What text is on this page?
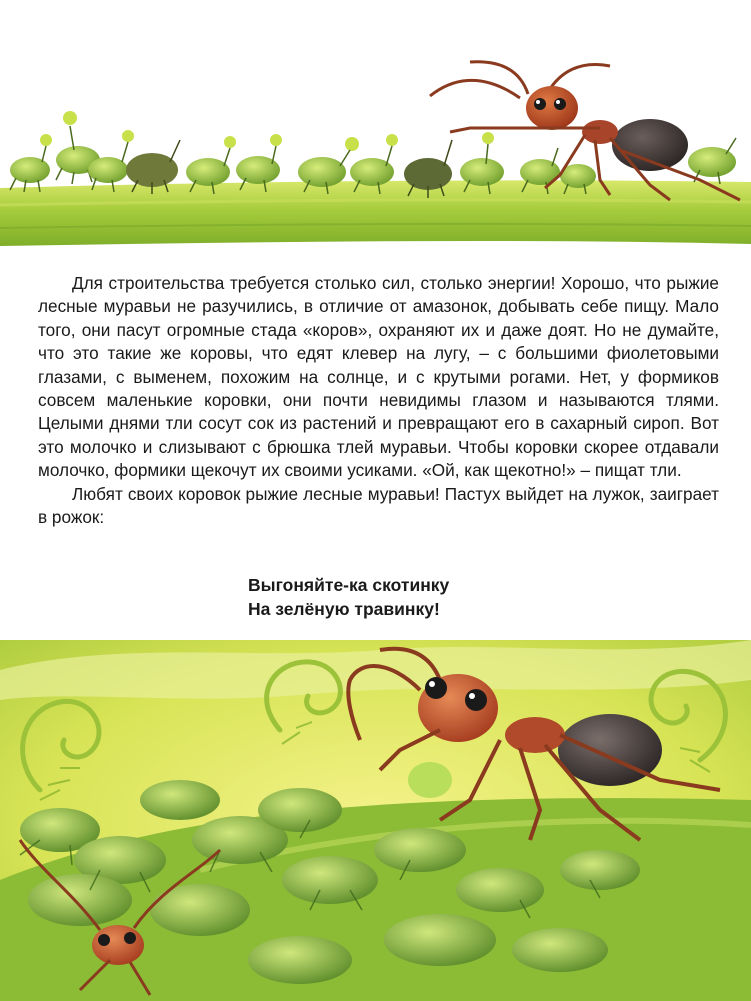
Для строительства требуется столько сил, столько энергии! Хорошо, что рыжие лесные муравьи не разучились, в отличие от амазонок, добывать себе пищу. Мало того, они пасут огромные стада «коров», охраняют их и даже доят. Но не думайте, что это такие же коровы, что едят клевер на лугу, – с большими фиолетовыми глазами, с выменем, похожим на солнце, и с крутыми рогами. Нет, у формиков совсем маленькие коровки, они почти невидимы глазом и называются тлями. Целыми днями тли сосут сок из растений и превращают его в сахарный сироп. Вот это молочко и слизывают с брюшка тлей муравьи. Чтобы коровки скорее отдавали молочко, формики щекочут их своими усиками. «Ой, как щекотно!» – пищат тли.

Любят своих коровок рыжие лесные муравьи! Пастух выйдет на лужок, заиграет в рожок:

Выгоняйте-ка скотинку
На зелёную травинку!
